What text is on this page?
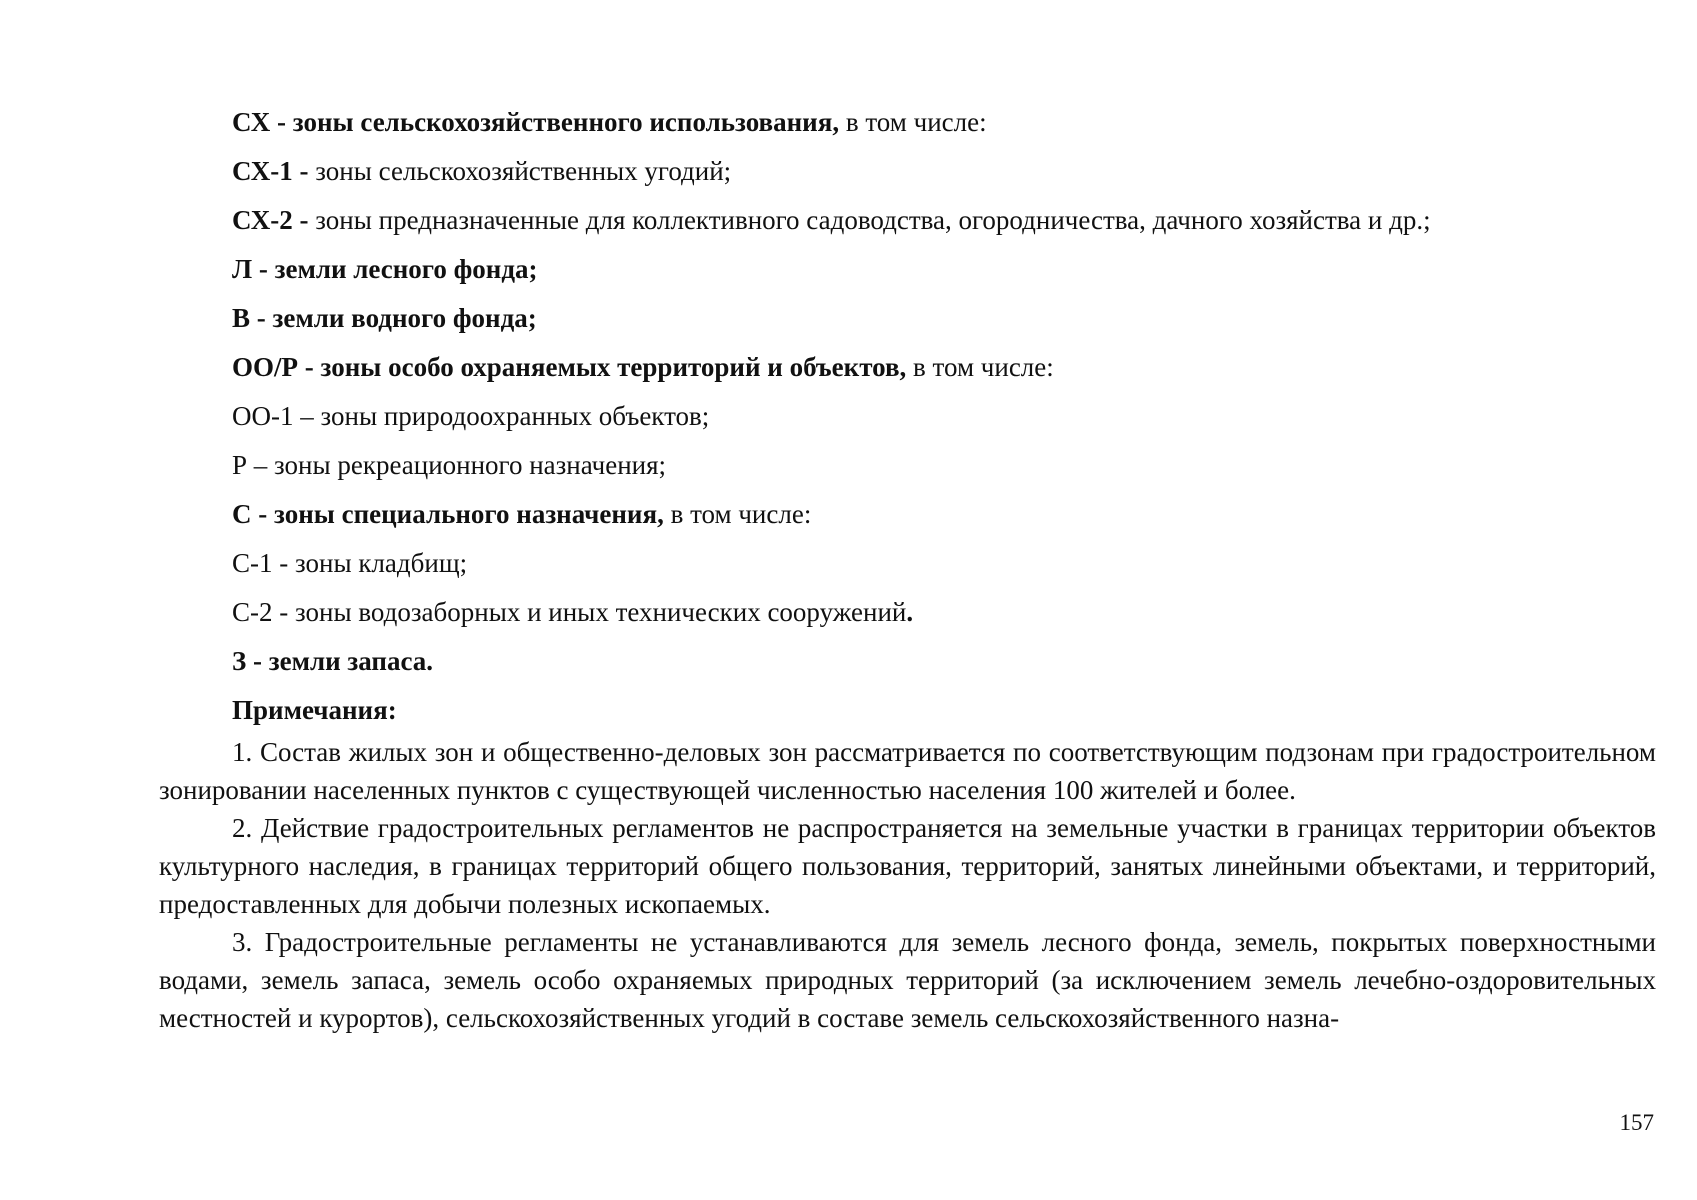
СХ - зоны сельскохозяйственного использования, в том числе:
СХ-1 - зоны сельскохозяйственных угодий;
СХ-2 - зоны предназначенные для коллективного садоводства, огородничества, дачного хозяйства и др.;
Л - земли лесного фонда;
В - земли водного фонда;
ОО/Р - зоны особо охраняемых территорий и объектов, в том числе:
ОО-1 – зоны природоохранных объектов;
Р – зоны рекреационного назначения;
С - зоны специального назначения, в том числе:
С-1 - зоны кладбищ;
С-2 - зоны водозаборных и иных технических сооружений.
З - земли запаса.
Примечания:

1. Состав жилых зон и общественно-деловых зон рассматривается по соответствующим подзонам при градостроительном зонировании населенных пунктов с существующей численностью населения 100 жителей и более.

2. Действие градостроительных регламентов не распространяется на земельные участки в границах территории объектов культурного наследия, в границах территорий общего пользования, территорий, занятых линейными объектами, и территорий, предоставленных для добычи полезных ископаемых.

3. Градостроительные регламенты не устанавливаются для земель лесного фонда, земель, покрытых поверхностными водами, земель запаса, земель особо охраняемых природных территорий (за исключением земель лечебно-оздоровительных местностей и курортов), сельскохозяйственных угодий в составе земель сельскохозяйственного назна-

157
